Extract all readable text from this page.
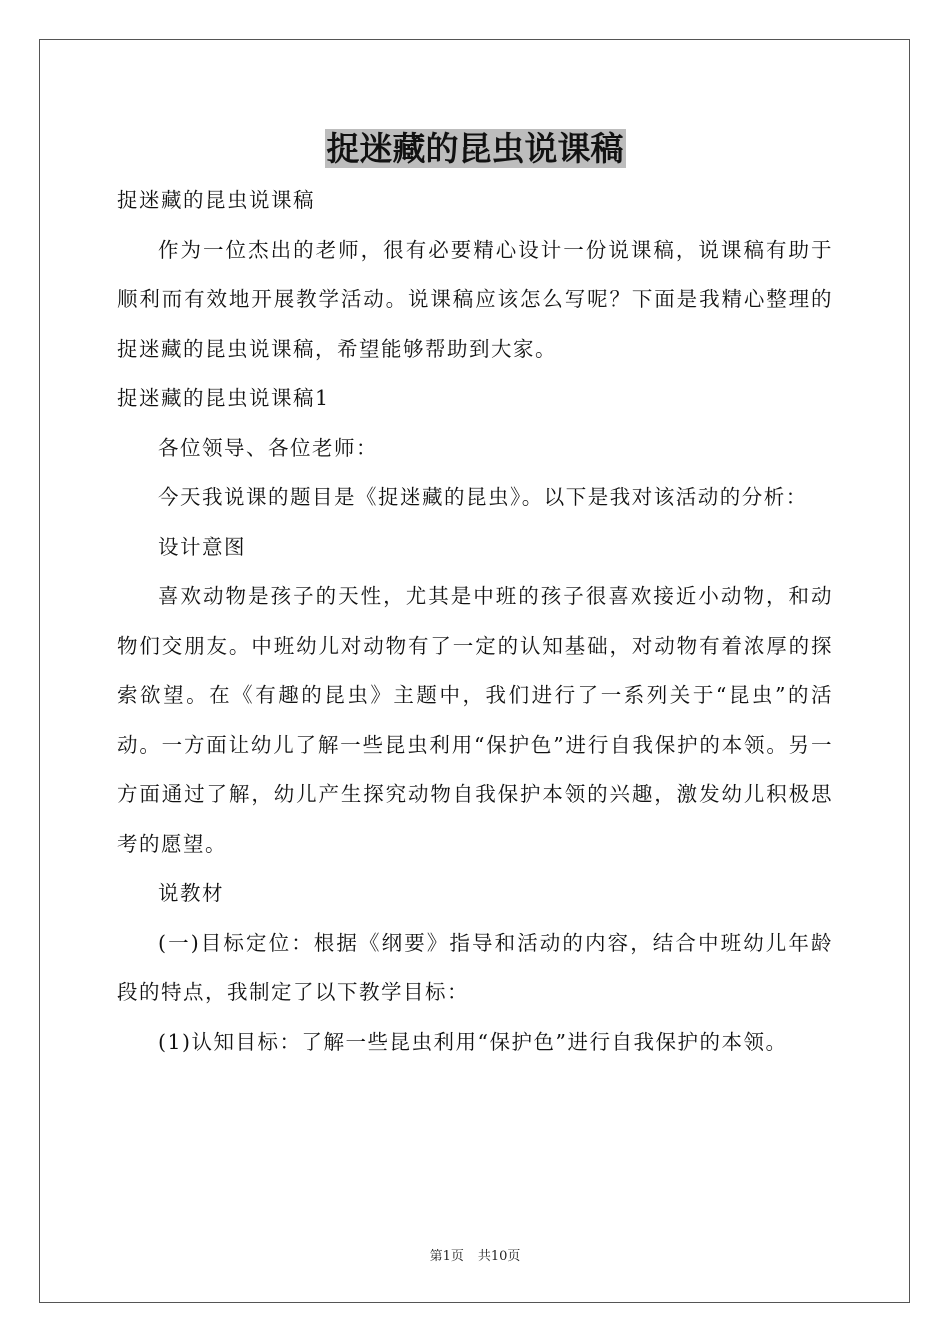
捉迷藏的昆虫说课稿

捉迷藏的昆虫说课稿

作为一位杰出的老师，很有必要精心设计一份说课稿，说课稿有助于顺利而有效地开展教学活动。说课稿应该怎么写呢？下面是我精心整理的捉迷藏的昆虫说课稿，希望能够帮助到大家。

捉迷藏的昆虫说课稿1

各位领导、各位老师：

今天我说课的题目是《捉迷藏的昆虫》。以下是我对该活动的分析：

设计意图

喜欢动物是孩子的天性，尤其是中班的孩子很喜欢接近小动物，和动物们交朋友。中班幼儿对动物有了一定的认知基础，对动物有着浓厚的探索欲望。在《有趣的昆虫》主题中，我们进行了一系列关于“昆虫”的活动。一方面让幼儿了解一些昆虫利用“保护色”进行自我保护的本领。另一方面通过了解，幼儿产生探究动物自我保护本领的兴趣，激发幼儿积极思考的愿望。

说教材

(一)目标定位：根据《纲要》指导和活动的内容，结合中班幼儿年龄段的特点，我制定了以下教学目标：

(1)认知目标：了解一些昆虫利用“保护色”进行自我保护的本领。

第1页 共10页
